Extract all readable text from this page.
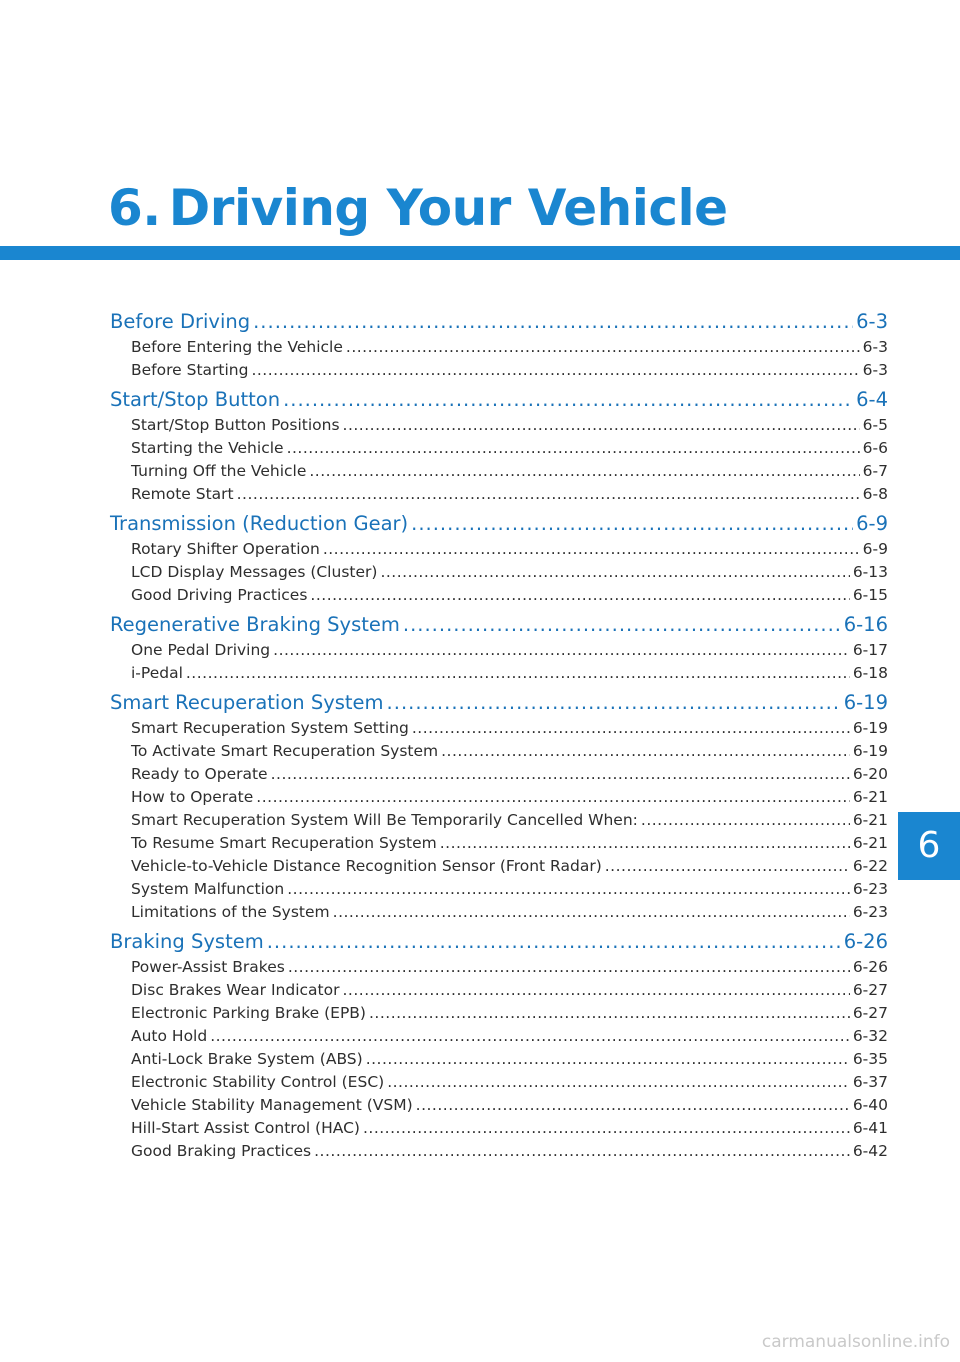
6. Driving Your Vehicle
Before Driving .....	6-3
Before Entering the Vehicle .....	6-3
Before Starting .....	6-3
Start/Stop Button .....	6-4
Start/Stop Button Positions .....	6-5
Starting the Vehicle .....	6-6
Turning Off the Vehicle .....	6-7
Remote Start .....	6-8
Transmission (Reduction Gear) .....	6-9
Rotary Shifter Operation .....	6-9
LCD Display Messages (Cluster) .....	6-13
Good Driving Practices .....	6-15
Regenerative Braking System .....	6-16
One Pedal Driving .....	6-17
i-Pedal .....	6-18
Smart Recuperation System .....	6-19
Smart Recuperation System Setting .....	6-19
To Activate Smart Recuperation System .....	6-19
Ready to Operate .....	6-20
How to Operate .....	6-21
Smart Recuperation System Will Be Temporarily Cancelled When: .....	6-21
To Resume Smart Recuperation System .....	6-21
Vehicle-to-Vehicle Distance Recognition Sensor (Front Radar) .....	6-22
System Malfunction .....	6-23
Limitations of the System .....	6-23
Braking System .....	6-26
Power-Assist Brakes .....	6-26
Disc Brakes Wear Indicator .....	6-27
Electronic Parking Brake (EPB) .....	6-27
Auto Hold .....	6-32
Anti-Lock Brake System (ABS) .....	6-35
Electronic Stability Control (ESC) .....	6-37
Vehicle Stability Management (VSM) .....	6-40
Hill-Start Assist Control (HAC) .....	6-41
Good Braking Practices .....	6-42
6
carmanualsonline.info
